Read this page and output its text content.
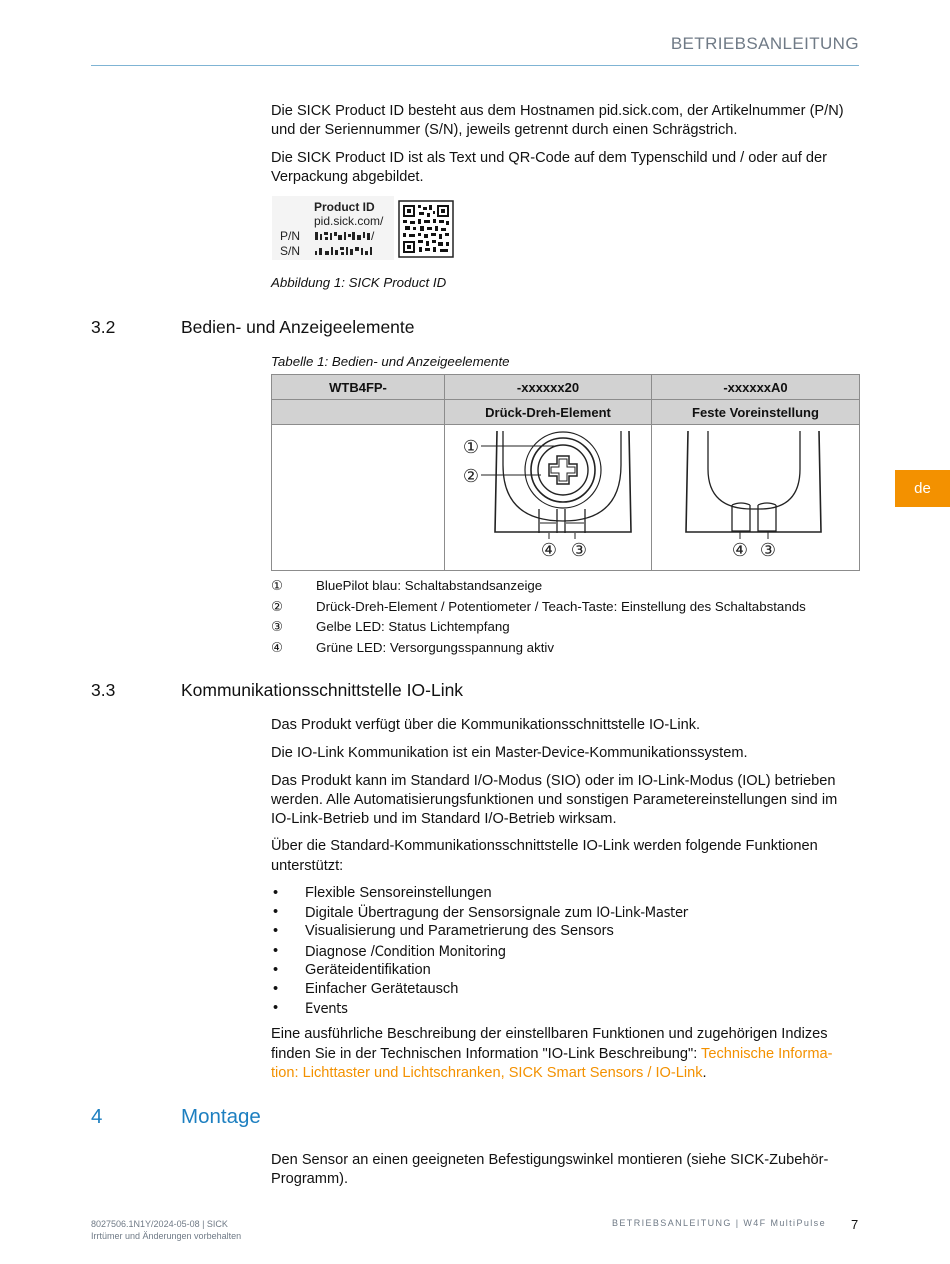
BETRIEBSANLEITUNG
de

Die SICK Product ID besteht aus dem Hostnamen pid.sick.com, der Artikelnummer (P/N) und der Seriennummer (S/N), jeweils getrennt durch einen Schrägstrich.

Die SICK Product ID ist als Text und QR-Code auf dem Typenschild und / oder auf der Verpackung abgebildet.

Product ID
pid.sick.com/
P/N
S/N
/
Abbildung 1: SICK Product ID
3.2	Bedien- und Anzeigeelemente
Tabelle 1: Bedien- und Anzeigeelemente
WTB4FP-	-xxxxxx20	-xxxxxxA0
	Drück-Dreh-Element	Feste Voreinstellung

①
②
④ ③	④ ③
① BluePilot blau: Schaltabstandsanzeige
② Drück-Dreh-Element / Potentiometer / Teach-Taste: Einstellung des Schaltabstands
③ Gelbe LED: Status Lichtempfang
④ Grüne LED: Versorgungsspannung aktiv
3.3	Kommunikationsschnittstelle IO-Link

Das Produkt verfügt über die Kommunikationsschnittstelle IO-Link.

Die IO-Link Kommunikation ist ein Master-Device-Kommunikationssystem.

Das Produkt kann im Standard I/O-Modus (SIO) oder im IO-Link-Modus (IOL) betrieben werden. Alle Automatisierungsfunktionen und sonstigen Parametereinstellungen sind im IO-Link-Betrieb und im Standard I/O-Betrieb wirksam.

Über die Standard-Kommunikationsschnittstelle IO-Link werden folgende Funktionen unterstützt:

• Flexible Sensoreinstellungen
• Digitale Übertragung der Sensorsignale zum IO-Link-Master
• Visualisierung und Parametrierung des Sensors
• Diagnose /Condition Monitoring
• Geräteidentifikation
• Einfacher Gerätetausch
• Events

Eine ausführliche Beschreibung der einstellbaren Funktionen und zugehörigen Indizes finden Sie in der Technischen Information "IO-Link Beschreibung": Technische Informa-tion: Lichttaster und Lichtschranken, SICK Smart Sensors / IO-Link.

4	Montage

Den Sensor an einen geeigneten Befestigungswinkel montieren (siehe SICK-Zubehör-Programm).

8027506.1N1Y/2024-05-08 | SICK
Irrtümer und Änderungen vorbehalten
BETRIEBSANLEITUNG | W4F MultiPulse 7
